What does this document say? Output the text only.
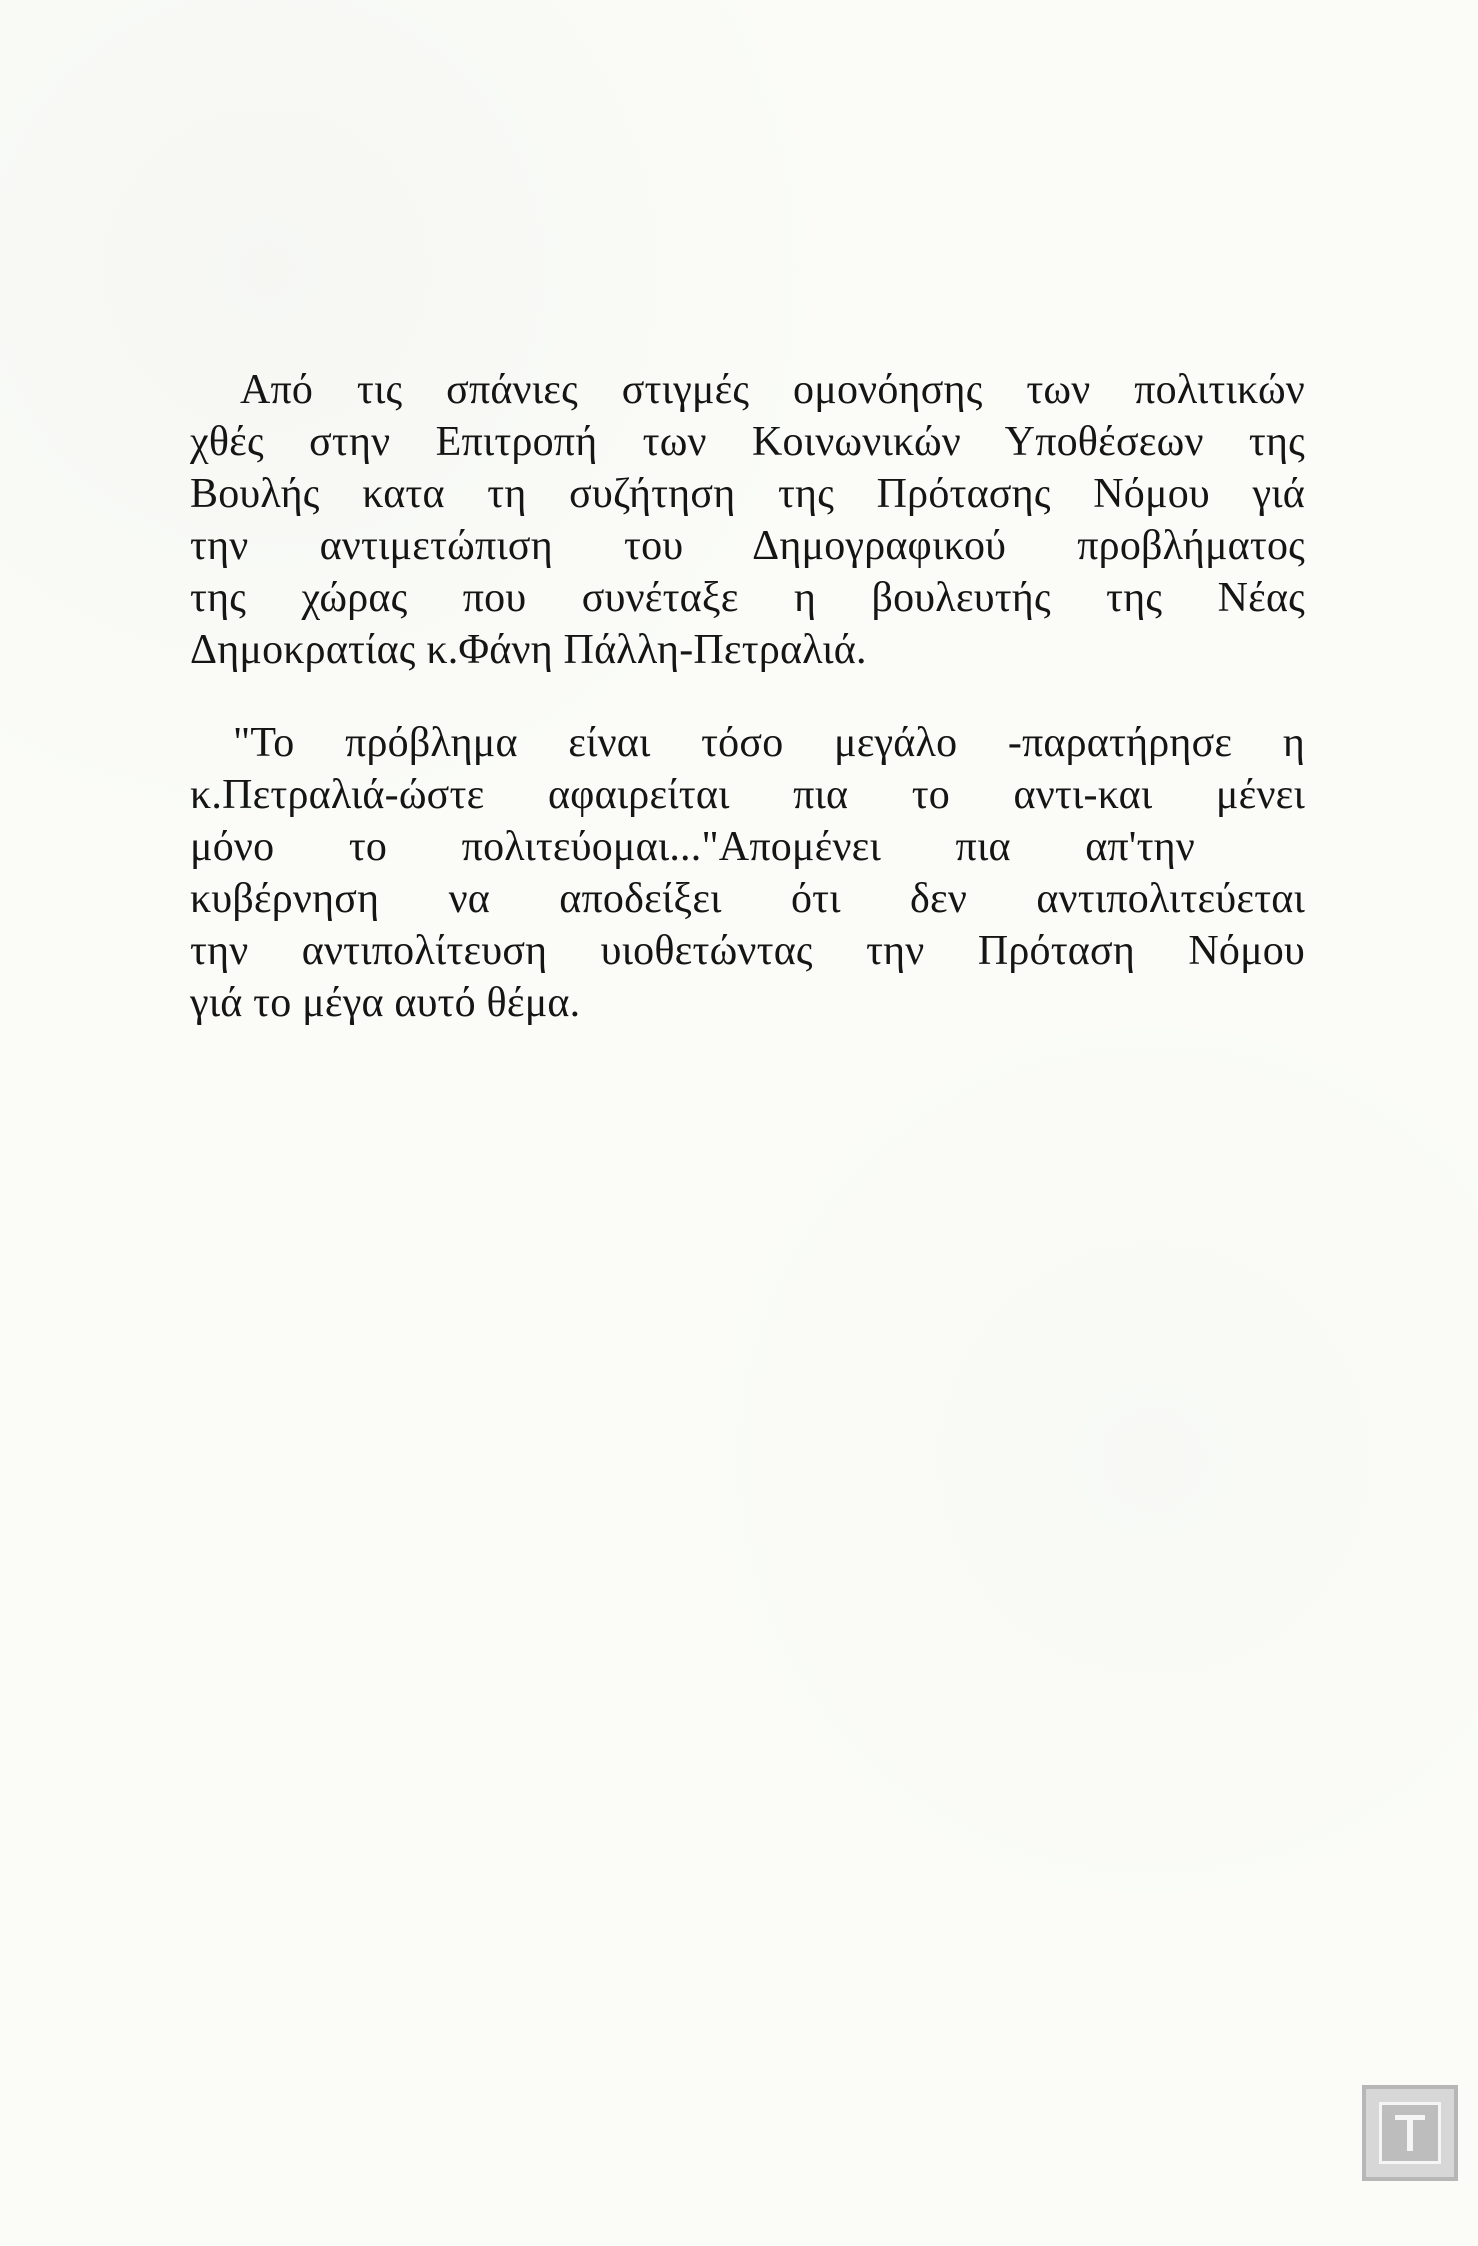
Από τις σπάνιες στιγμές ομονόησης των πολιτικών
χθές στην Επιτροπή των Κοινωνικών Υποθέσεων της
Βουλής κατα τη συζήτηση της Πρότασης Νόμου γιά
την αντιμετώπιση του Δημογραφικού προβλήματος
της χώρας που συνέταξε η βουλευτής της Νέας
Δημοκρατίας κ.Φάνη Πάλλη-Πετραλιά.
"Το πρόβλημα είναι τόσο μεγάλο -παρατήρησε η
κ.Πετραλιά-ώστε αφαιρείται πια το αντι-και μένει
μόνο το πολιτεύομαι..."Απομένει πια απ'την
κυβέρνηση να αποδείξει ότι δεν αντιπολιτεύεται
την αντιπολίτευση υιοθετώντας την Πρόταση Νόμου
γιά το μέγα αυτό θέμα.
